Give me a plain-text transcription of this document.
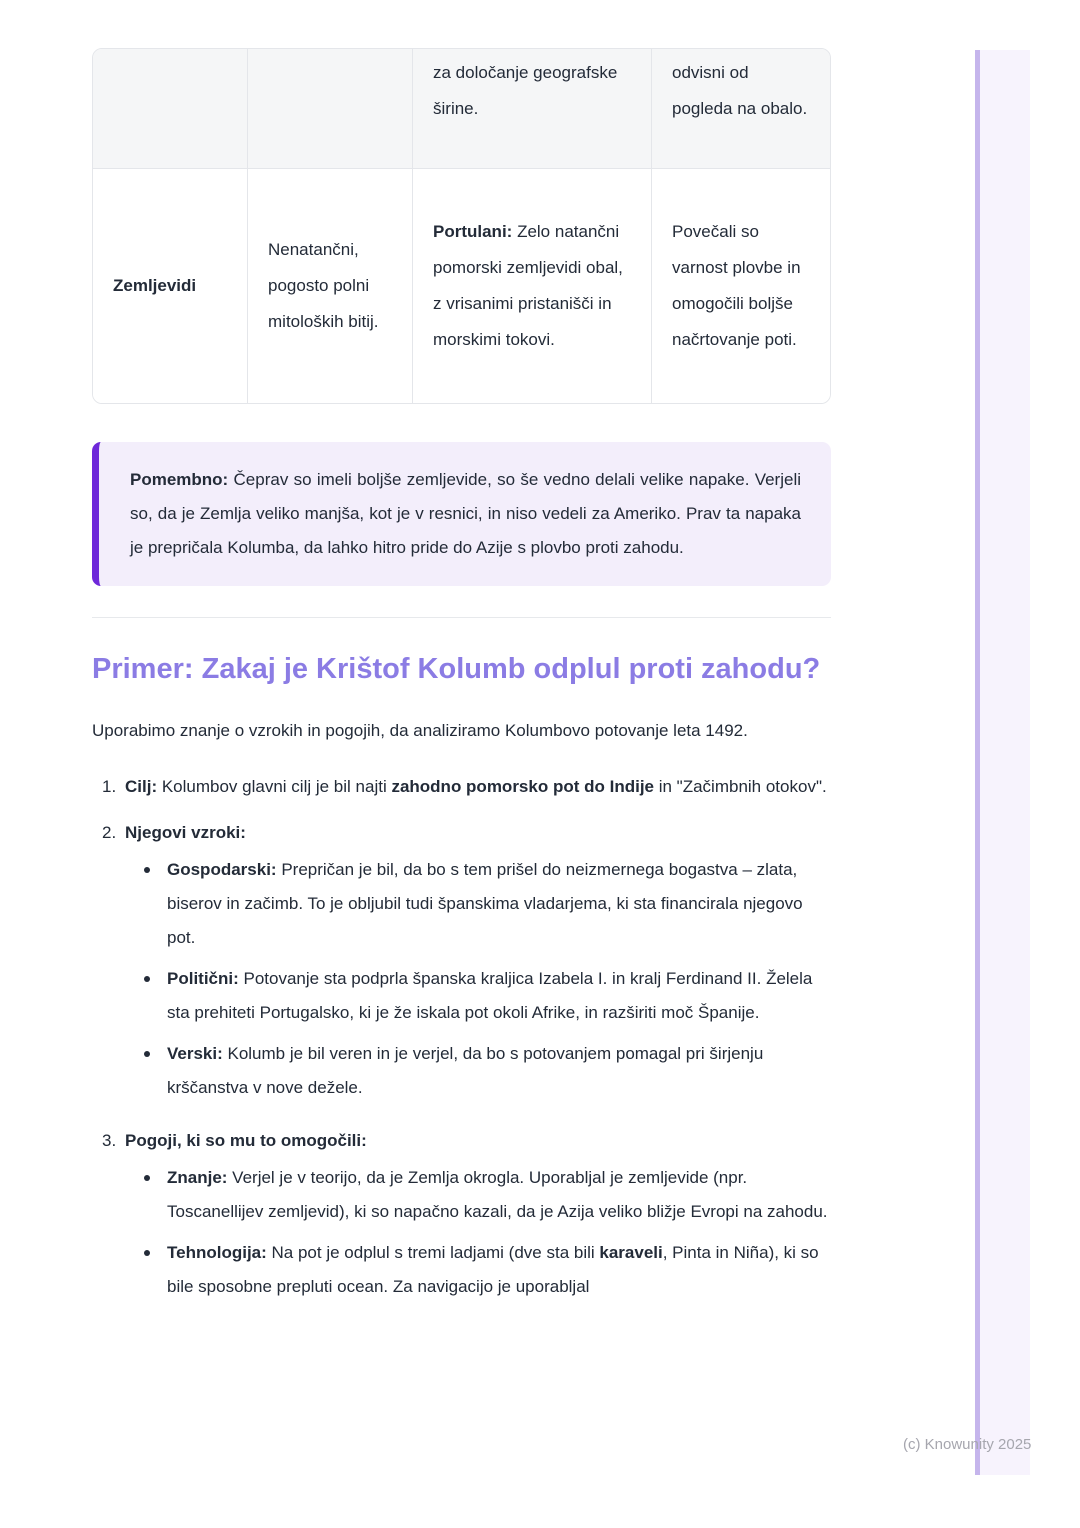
za določanje geografske širine.
odvisni od pogleda na obalo.
Zemljevidi
Nenatančni, pogosto polni mitoloških bitij.
Portulani: Zelo natančni pomorski zemljevidi obal, z vrisanimi pristanišči in morskimi tokovi.
Povečali so varnost plovbe in omogočili boljše načrtovanje poti.
Pomembno: Čeprav so imeli boljše zemljevide, so še vedno delali velike napake. Verjeli so, da je Zemlja veliko manjša, kot je v resnici, in niso vedeli za Ameriko. Prav ta napaka je prepričala Kolumba, da lahko hitro pride do Azije s plovbo proti zahodu.
Primer: Zakaj je Krištof Kolumb odplul proti zahodu?

Uporabimo znanje o vzrokih in pogojih, da analiziramo Kolumbovo potovanje leta 1492.

1. Cilj: Kolumbov glavni cilj je bil najti zahodno pomorsko pot do Indije in "Začimbnih otokov".
2. Njegovi vzroki:
Gospodarski: Prepričan je bil, da bo s tem prišel do neizmernega bogastva – zlata, biserov in začimb. To je obljubil tudi španskima vladarjema, ki sta financirala njegovo pot.
Politični: Potovanje sta podprla španska kraljica Izabela I. in kralj Ferdinand II. Želela sta prehiteti Portugalsko, ki je že iskala pot okoli Afrike, in razširiti moč Španije.
Verski: Kolumb je bil veren in je verjel, da bo s potovanjem pomagal pri širjenju krščanstva v nove dežele.
3. Pogoji, ki so mu to omogočili:
Znanje: Verjel je v teorijo, da je Zemlja okrogla. Uporabljal je zemljevide (npr. Toscanellijev zemljevid), ki so napačno kazali, da je Azija veliko bližje Evropi na zahodu.
Tehnologija: Na pot je odplul s tremi ladjami (dve sta bili karaveli, Pinta in Niña), ki so bile sposobne prepluti ocean. Za navigacijo je uporabljal
(c) Knowunity 2025
